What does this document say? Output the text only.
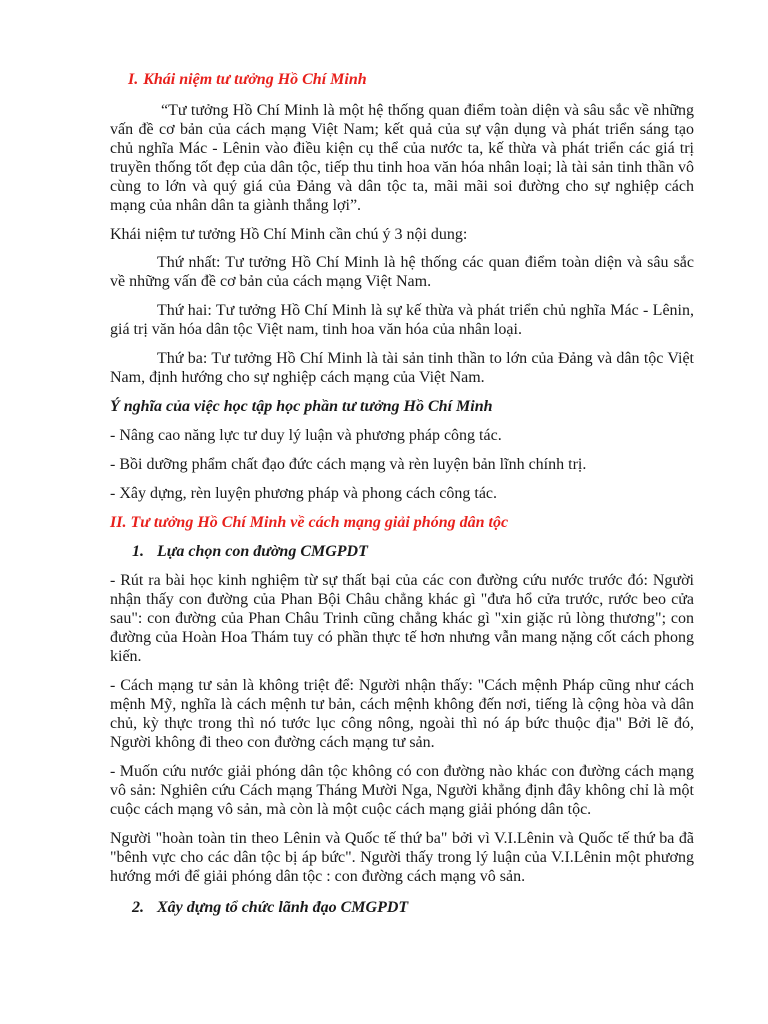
I. Khái niệm tư tưởng Hồ Chí Minh

“Tư tưởng Hồ Chí Minh là một hệ thống quan điểm toàn diện và sâu sắc về những vấn đề cơ bản của cách mạng Việt Nam; kết quả của sự vận dụng và phát triển sáng tạo chủ nghĩa Mác - Lênin vào điều kiện cụ thể của nước ta, kế thừa và phát triển các giá trị truyền thống tốt đẹp của dân tộc, tiếp thu tinh hoa văn hóa nhân loại; là tài sản tinh thần vô cùng to lớn và quý giá của Đảng và dân tộc ta, mãi mãi soi đường cho sự nghiệp cách mạng của nhân dân ta giành thắng lợi”.

Khái niệm tư tưởng Hồ Chí Minh cần chú ý 3 nội dung:

Thứ nhất: Tư tưởng Hồ Chí Minh là hệ thống các quan điểm toàn diện và sâu sắc về những vấn đề cơ bản của cách mạng Việt Nam.

Thứ hai: Tư tưởng Hồ Chí Minh là sự kế thừa và phát triển chủ nghĩa Mác - Lênin, giá trị văn hóa dân tộc Việt nam, tinh hoa văn hóa của nhân loại.

Thứ ba: Tư tưởng Hồ Chí Minh là tài sản tinh thần to lớn của Đảng và dân tộc Việt Nam, định hướng cho sự nghiệp cách mạng của Việt Nam.

Ý nghĩa của việc học tập học phần tư tưởng Hồ Chí Minh

- Nâng cao năng lực tư duy lý luận và phương pháp công tác.

- Bồi dưỡng phẩm chất đạo đức cách mạng và rèn luyện bản lĩnh chính trị.

- Xây dựng, rèn luyện phương pháp và phong cách công tác.

II. Tư tưởng Hồ Chí Minh về cách mạng giải phóng dân tộc

1. Lựa chọn con đường CMGPDT

- Rút ra bài học kinh nghiệm từ sự thất bại của các con đường cứu nước trước đó: Người nhận thấy con đường của Phan Bội Châu chẳng khác gì "đưa hổ cửa trước, rước beo cửa sau": con đường của Phan Châu Trinh cũng chẳng khác gì "xin giặc rủ lòng thương"; con đường của Hoàn Hoa Thám tuy có phần thực tế hơn nhưng vẫn mang nặng cốt cách phong kiến.

- Cách mạng tư sản là không triệt để: Người nhận thấy: "Cách mệnh Pháp cũng như cách mệnh Mỹ, nghĩa là cách mệnh tư bản, cách mệnh không đến nơi, tiếng là cộng hòa và dân chủ, kỳ thực trong thì nó tước lục công nông, ngoài thì nó áp bức thuộc địa" Bởi lẽ đó, Người không đi theo con đường cách mạng tư sản.

- Muốn cứu nước giải phóng dân tộc không có con đường nào khác con đường cách mạng vô sản: Nghiên cứu Cách mạng Tháng Mười Nga, Người khẳng định đây không chỉ là một cuộc cách mạng vô sản, mà còn là một cuộc cách mạng giải phóng dân tộc.

Người "hoàn toàn tin theo Lênin và Quốc tế thứ ba" bởi vì V.I.Lênin và Quốc tế thứ ba đã "bênh vực cho các dân tộc bị áp bức". Người thấy trong lý luận của V.I.Lênin một phương hướng mới để giải phóng dân tộc : con đường cách mạng vô sản.

2. Xây dựng tổ chức lãnh đạo CMGPDT
